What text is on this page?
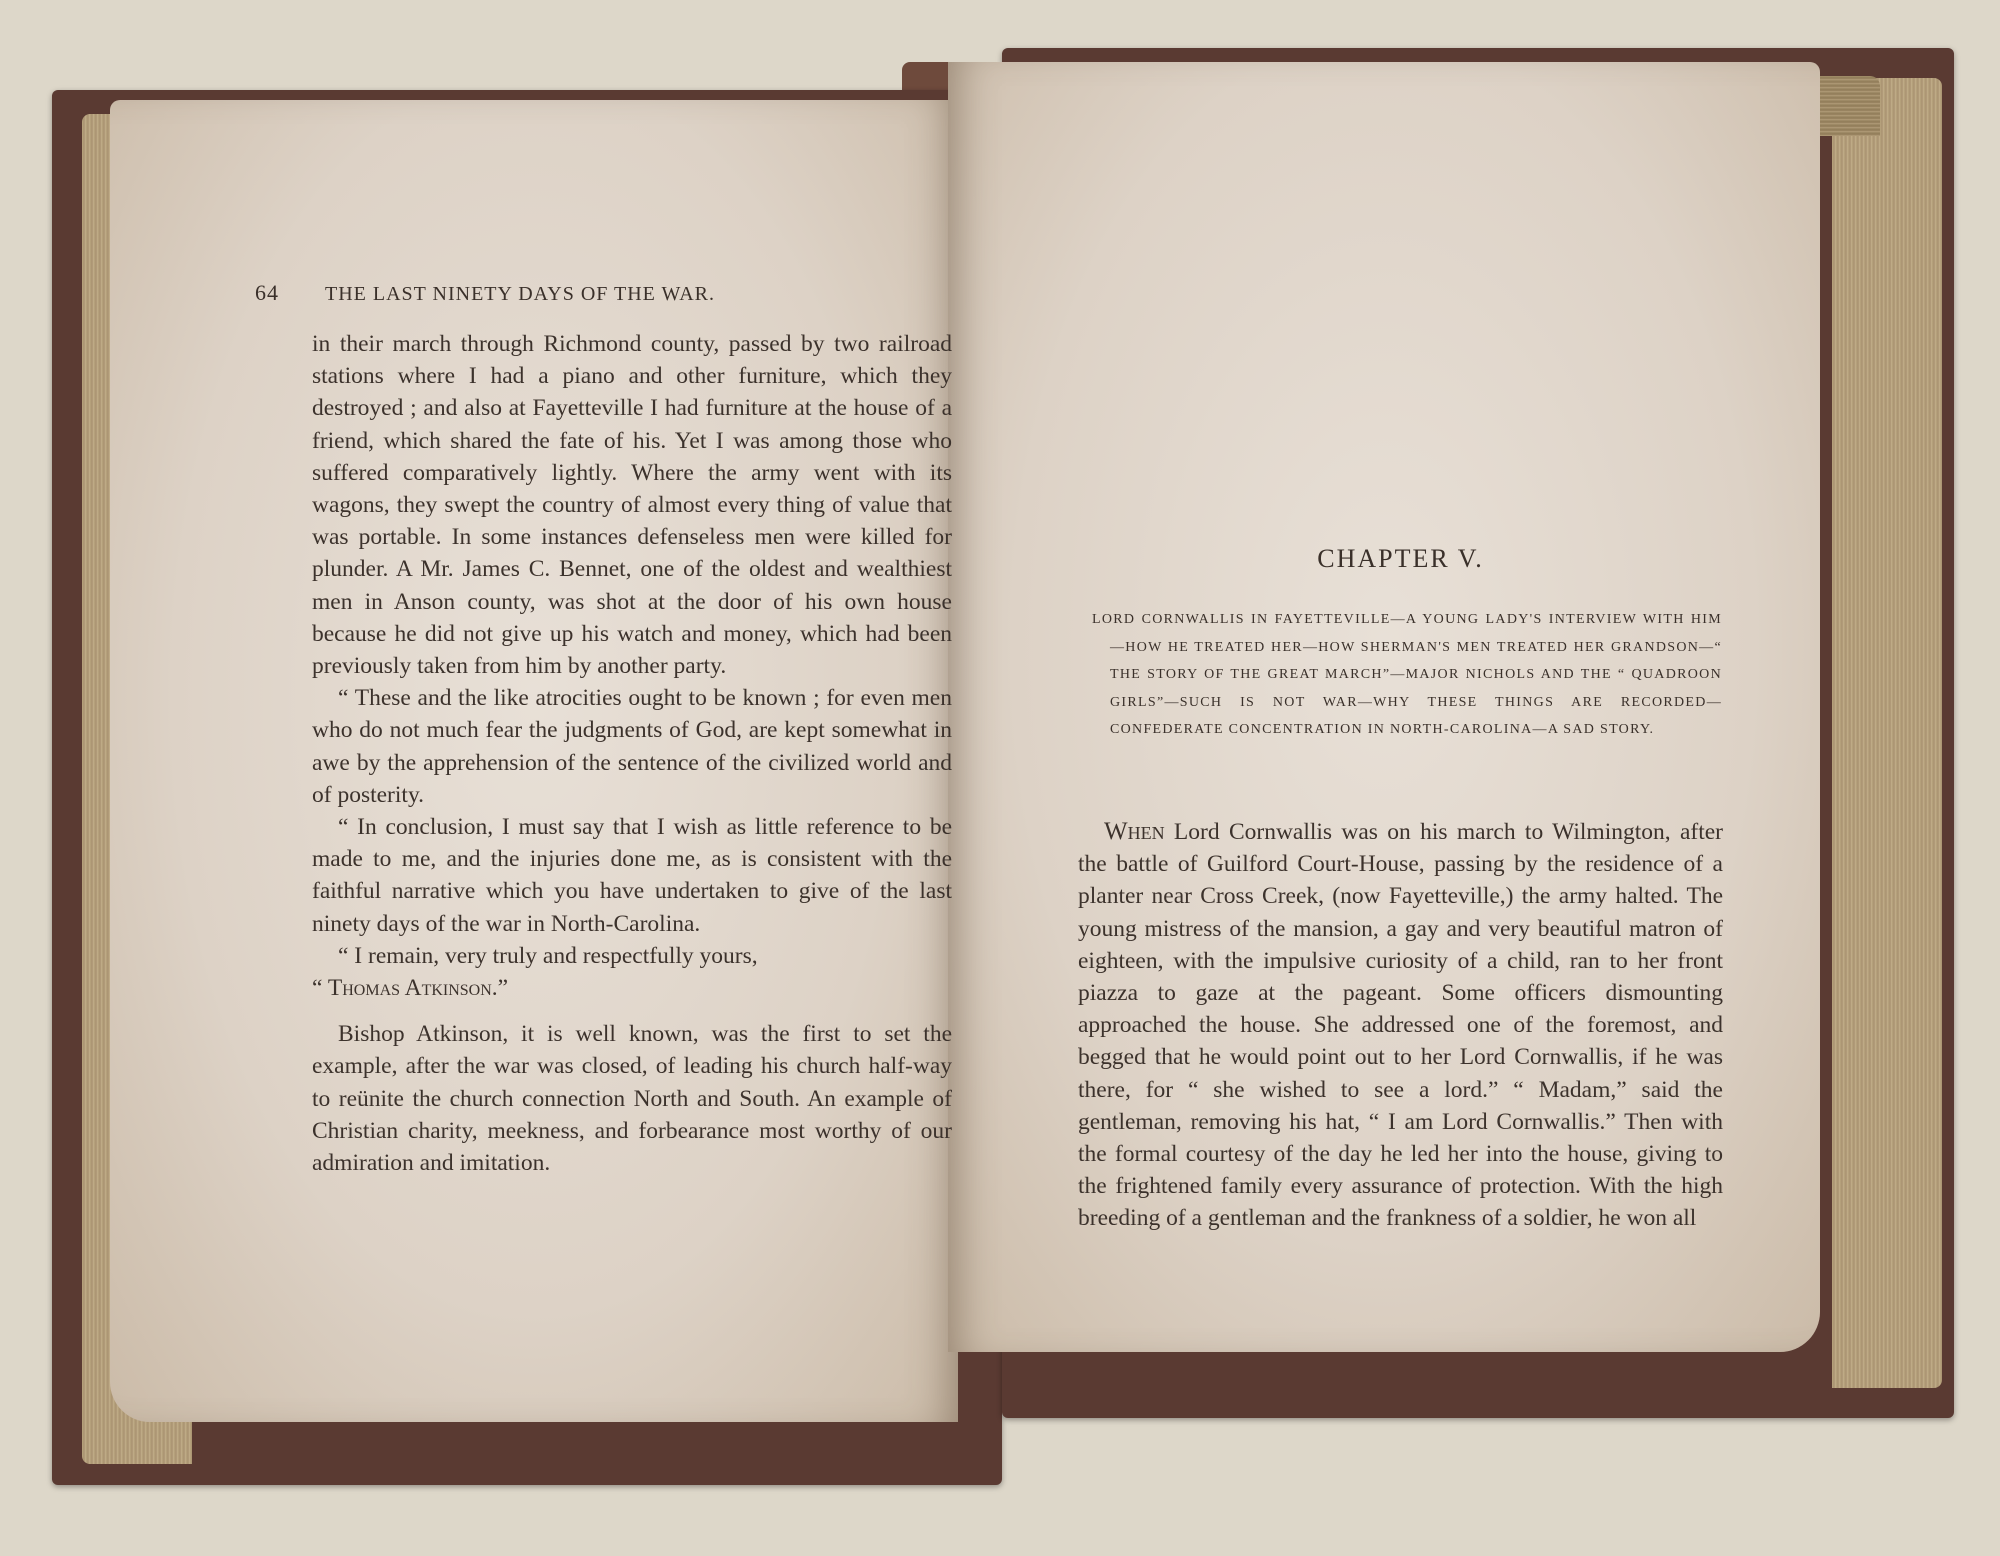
64 THE LAST NINETY DAYS OF THE WAR.

in their march through Richmond county, passed by two railroad stations where I had a piano and other furniture, which they destroyed ; and also at Fayetteville I had furniture at the house of a friend, which shared the fate of his. Yet I was among those who suffered comparatively lightly. Where the army went with its wagons, they swept the country of almost every thing of value that was portable. In some instances defenseless men were killed for plunder. A Mr. James C. Bennet, one of the oldest and wealthiest men in Anson county, was shot at the door of his own house because he did not give up his watch and money, which had been previously taken from him by another party.

“ These and the like atrocities ought to be known ; for even men who do not much fear the judgments of God, are kept somewhat in awe by the apprehension of the sentence of the civilized world and of posterity.

“ In conclusion, I must say that I wish as little reference to be made to me, and the injuries done me, as is consistent with the faithful narrative which you have undertaken to give of the last ninety days of the war in North-Carolina.

“ I remain, very truly and respectfully yours,

“ Thomas Atkinson.”

Bishop Atkinson, it is well known, was the first to set the example, after the war was closed, of leading his church half-way to reünite the church connection North and South. An example of Christian charity, meekness, and forbearance most worthy of our admiration and imitation.

CHAPTER V.
LORD CORNWALLIS IN FAYETTEVILLE—A YOUNG LADY'S INTERVIEW WITH HIM—HOW HE TREATED HER—HOW SHERMAN'S MEN TREATED HER GRANDSON—“ THE STORY OF THE GREAT MARCH”—MAJOR NICHOLS AND THE “ QUADROON GIRLS”—SUCH IS NOT WAR—WHY THESE THINGS ARE RECORDED—CONFEDERATE CONCENTRATION IN NORTH-CAROLINA—A SAD STORY.

When Lord Cornwallis was on his march to Wilmington, after the battle of Guilford Court-House, passing by the residence of a planter near Cross Creek, (now Fayetteville,) the army halted. The young mistress of the mansion, a gay and very beautiful matron of eighteen, with the impulsive curiosity of a child, ran to her front piazza to gaze at the pageant. Some officers dismounting approached the house. She addressed one of the foremost, and begged that he would point out to her Lord Cornwallis, if he was there, for “ she wished to see a lord.” “ Madam,” said the gentleman, removing his hat, “ I am Lord Cornwallis.” Then with the formal courtesy of the day he led her into the house, giving to the frightened family every assurance of protection. With the high breeding of a gentleman and the frankness of a soldier, he won all
